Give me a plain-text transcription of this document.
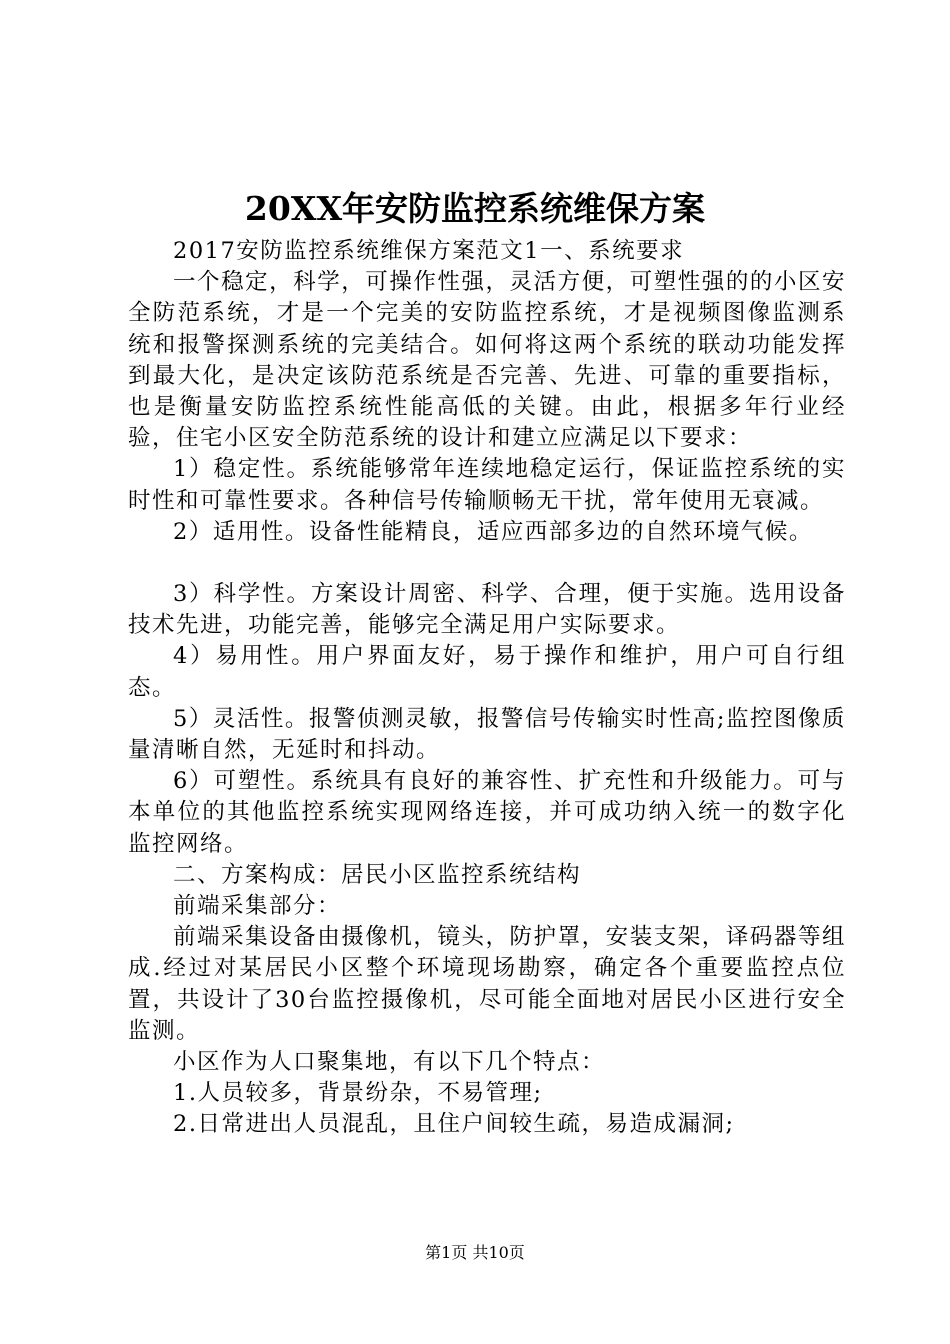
20XX年安防监控系统维保方案

2017安防监控系统维保方案范文1一、系统要求

一个稳定，科学，可操作性强，灵活方便，可塑性强的的小区安全防范系统，才是一个完美的安防监控系统，才是视频图像监测系统和报警探测系统的完美结合。如何将这两个系统的联动功能发挥到最大化，是决定该防范系统是否完善、先进、可靠的重要指标，也是衡量安防监控系统性能高低的关键。由此，根据多年行业经验，住宅小区安全防范系统的设计和建立应满足以下要求：

1）稳定性。系统能够常年连续地稳定运行，保证监控系统的实时性和可靠性要求。各种信号传输顺畅无干扰，常年使用无衰减。

2）适用性。设备性能精良，适应西部多边的自然环境气候。

3）科学性。方案设计周密、科学、合理，便于实施。选用设备技术先进，功能完善，能够完全满足用户实际要求。

4）易用性。用户界面友好，易于操作和维护，用户可自行组态。

5）灵活性。报警侦测灵敏，报警信号传输实时性高;监控图像质量清晰自然，无延时和抖动。

6）可塑性。系统具有良好的兼容性、扩充性和升级能力。可与本单位的其他监控系统实现网络连接，并可成功纳入统一的数字化监控网络。

二、方案构成：居民小区监控系统结构

前端采集部分：

前端采集设备由摄像机，镜头，防护罩，安装支架，译码器等组成.经过对某居民小区整个环境现场勘察，确定各个重要监控点位置，共设计了30台监控摄像机，尽可能全面地对居民小区进行安全监测。

小区作为人口聚集地，有以下几个特点：

1.人员较多，背景纷杂，不易管理;

2.日常进出人员混乱，且住户间较生疏，易造成漏洞;

第1页 共10页
